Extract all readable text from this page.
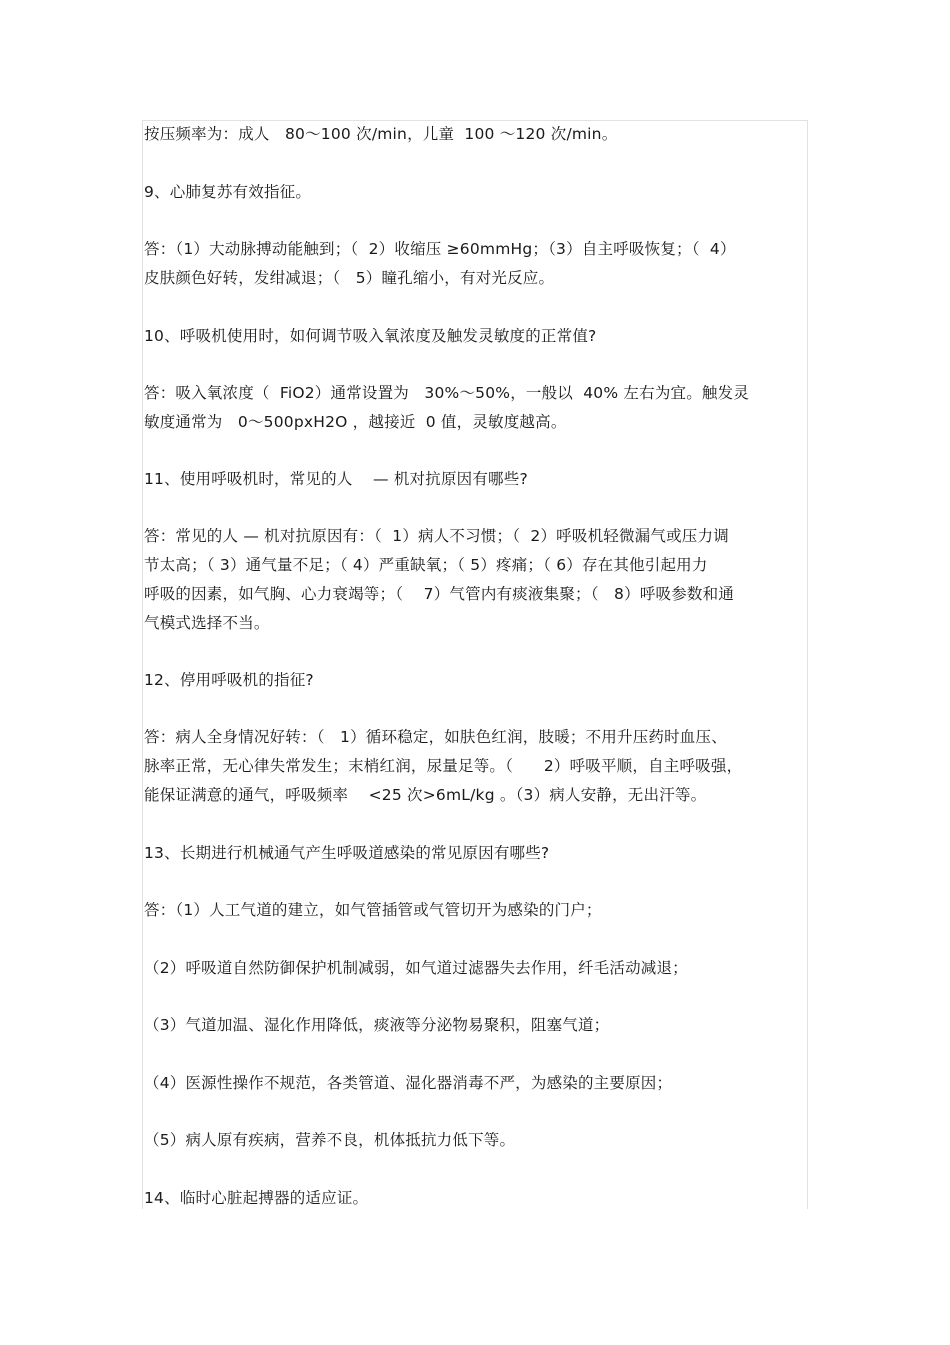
按压频率为：成人   80～100 次/min，儿童  100 ～120 次/min。
9、心肺复苏有效指征。
答：（1）大动脉搏动能触到；（  2）收缩压 ≥60mmHg；（3）自主呼吸恢复；（  4）
皮肤颜色好转，发绀减退；（   5）瞳孔缩小，有对光反应。
10、呼吸机使用时，如何调节吸入氧浓度及触发灵敏度的正常值?
答：吸入氧浓度（  FiO2）通常设置为   30%～50%，一般以  40% 左右为宜。触发灵
敏度通常为   0～500pxH2O ，越接近  0 值，灵敏度越高。
11、使用呼吸机时，常见的人    — 机对抗原因有哪些?
答：常见的人 — 机对抗原因有：（  1）病人不习惯；（  2）呼吸机轻微漏气或压力调
节太高；（ 3）通气量不足；（ 4）严重缺氧；（ 5）疼痛；（ 6）存在其他引起用力
呼吸的因素，如气胸、心力衰竭等；（    7）气管内有痰液集聚；（   8）呼吸参数和通
气模式选择不当。
12、停用呼吸机的指征?
答：病人全身情况好转：（   1）循环稳定，如肤色红润，肢暖；不用升压药时血压、
脉率正常，无心律失常发生；末梢红润，尿量足等。（      2）呼吸平顺，自主呼吸强，
能保证满意的通气，呼吸频率    <25 次>6mL/kg 。（3）病人安静，无出汗等。
13、长期进行机械通气产生呼吸道感染的常见原因有哪些?
答：（1）人工气道的建立，如气管插管或气管切开为感染的门户；
（2）呼吸道自然防御保护机制减弱，如气道过滤器失去作用，纤毛活动减退；
（3）气道加温、湿化作用降低，痰液等分泌物易聚积，阻塞气道；
（4）医源性操作不规范，各类管道、湿化器消毒不严，为感染的主要原因；
（5）病人原有疾病，营养不良，机体抵抗力低下等。
14、临时心脏起搏器的适应证。
